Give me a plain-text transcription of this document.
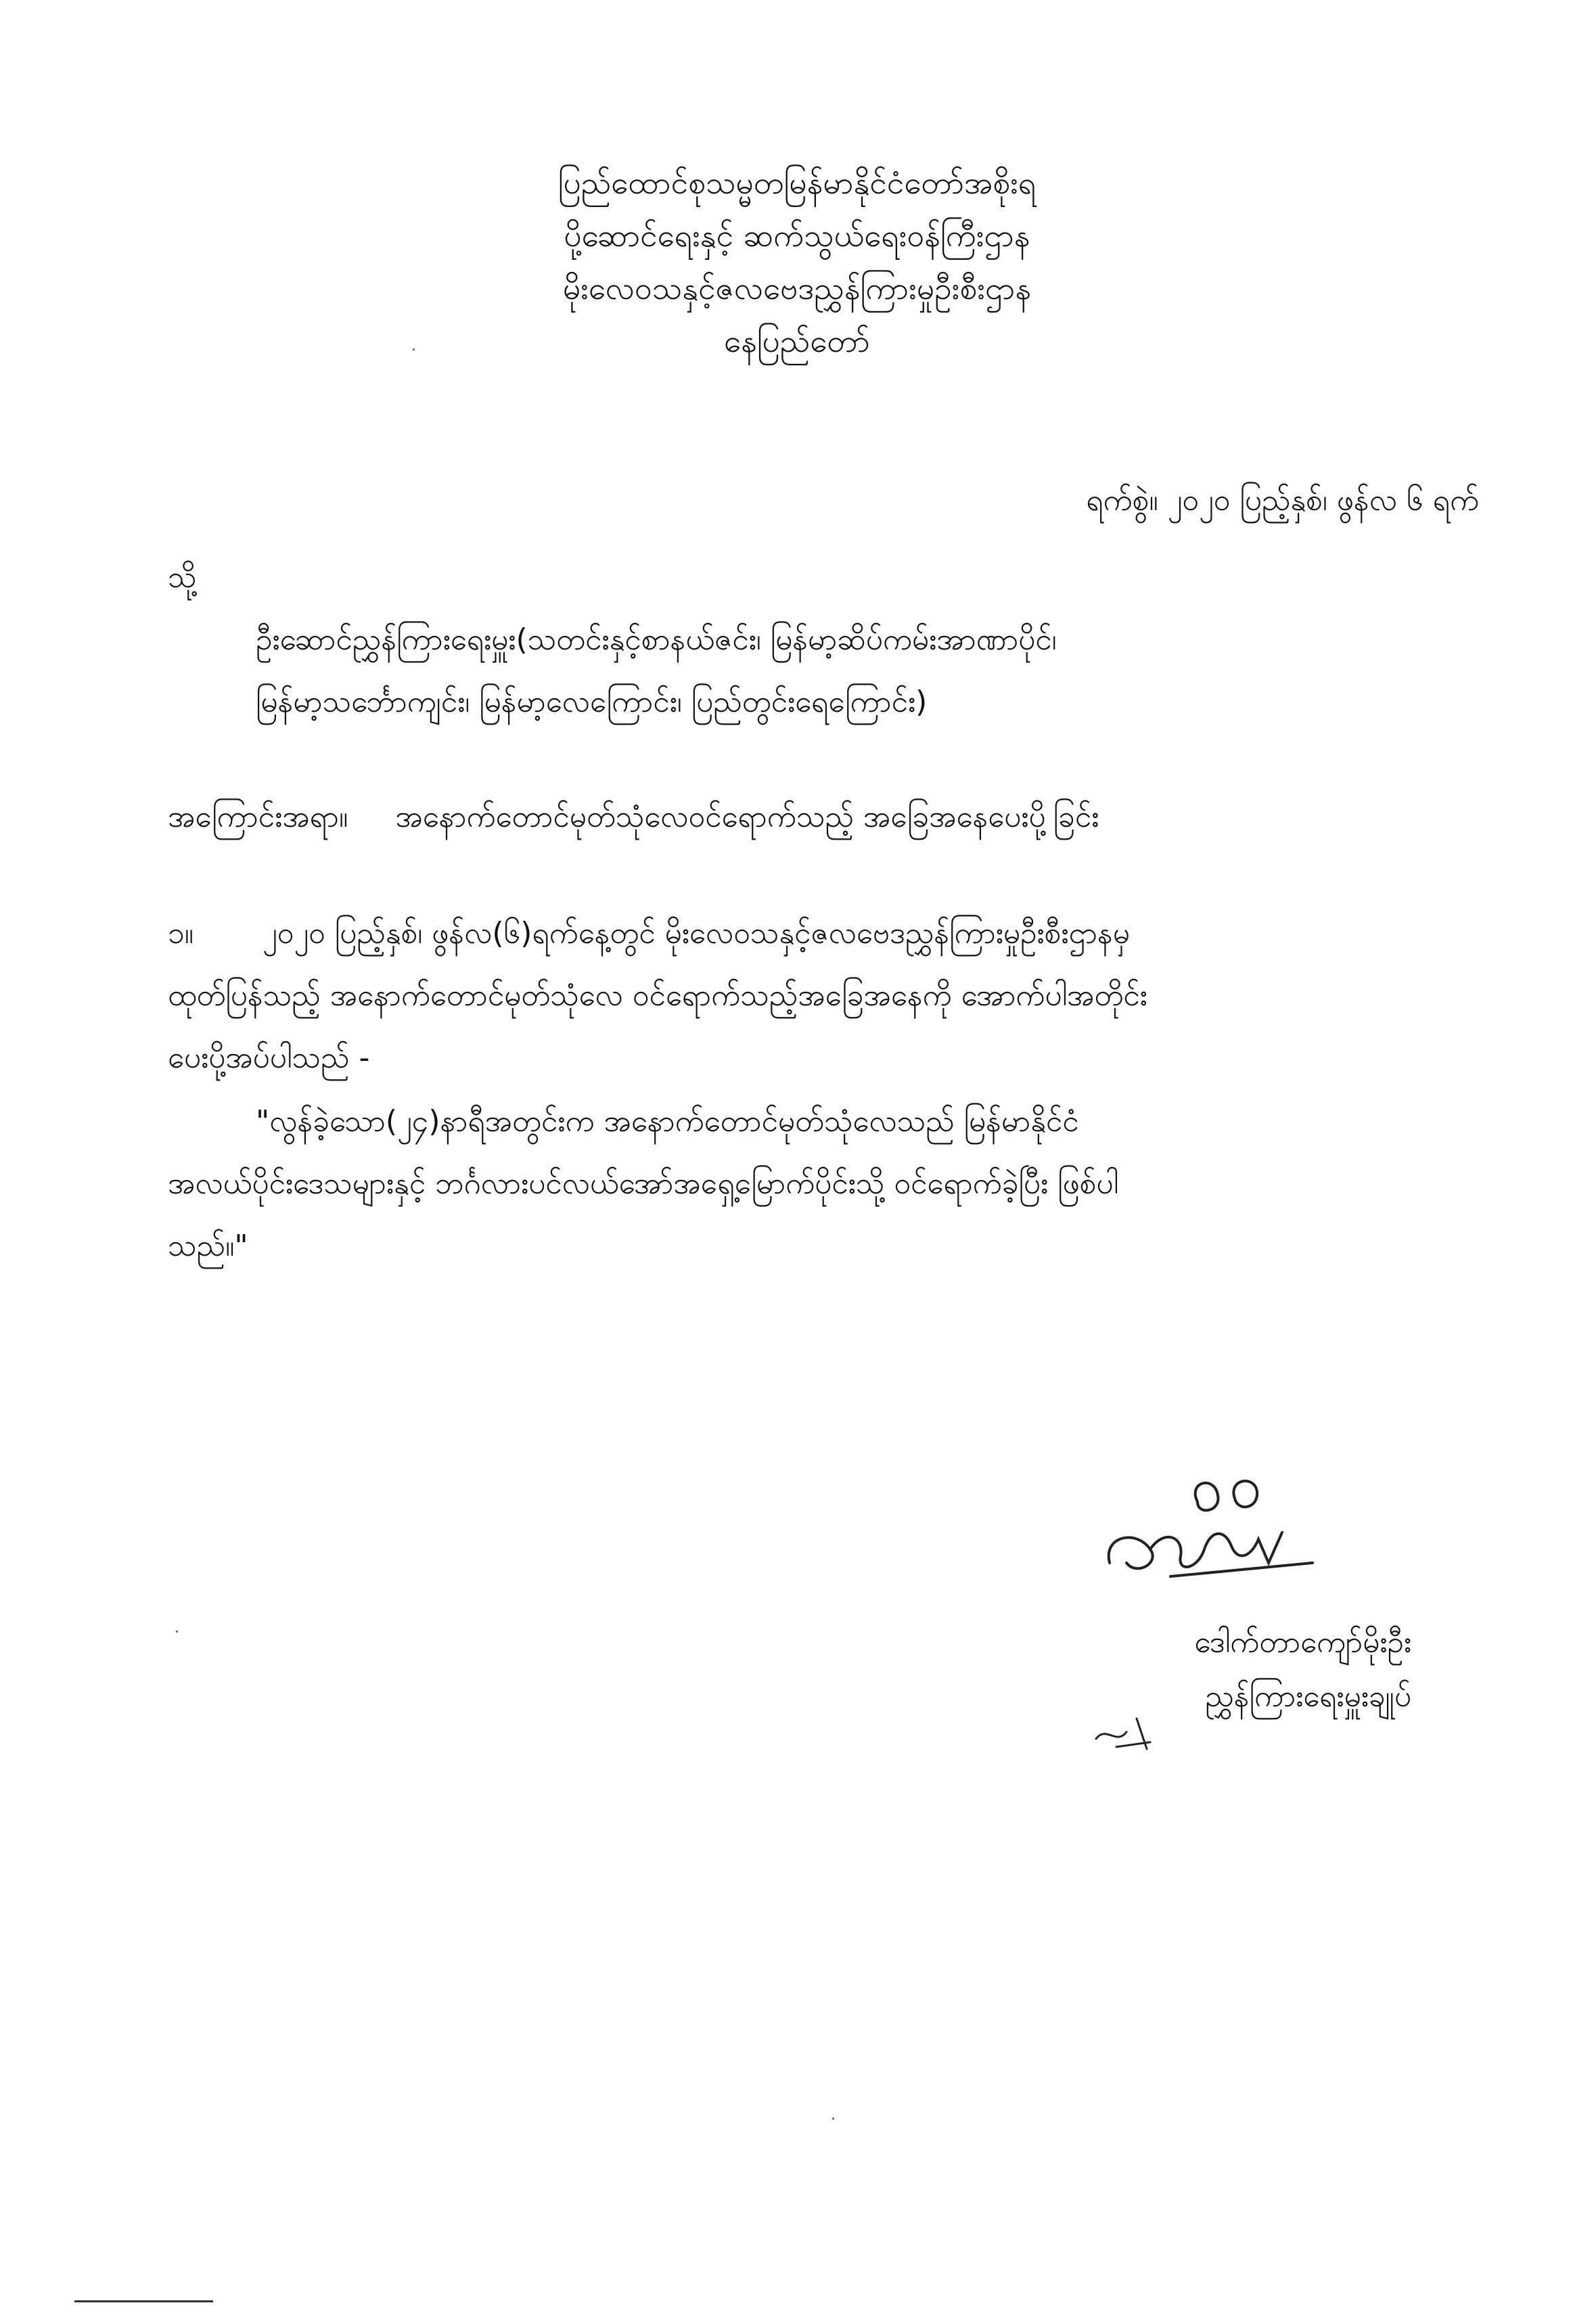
ပြည်ထောင်စုသမ္မတမြန်မာနိုင်ငံတော်အစိုးရ
ပို့ဆောင်ရေးနှင့် ဆက်သွယ်ရေးဝန်ကြီးဌာန
မိုးလေဝသနှင့်ဇလဗေဒညွှန်ကြားမှုဦးစီးဌာန
နေပြည်တော်
ရက်စွဲ။ ၂၀၂၀ ပြည့်နှစ်၊ ဖွန်လ ၆ ရက်
သို့
ဦးဆောင်ညွှန်ကြားရေးမှူး(သတင်းနှင့်စာနယ်ဇင်း၊ မြန်မာ့ဆိပ်ကမ်းအာဏာပိုင်၊
မြန်မာ့သင်္ဘောကျင်း၊ မြန်မာ့လေကြောင်း၊ ပြည်တွင်းရေကြောင်း)
အကြောင်းအရာ။ အနောက်တောင်မုတ်သုံလေဝင်ရောက်သည့် အခြေအနေပေးပို့ခြင်း
၁။ ၂၀၂၀ ပြည့်နှစ်၊ ဖွန်လ(၆)ရက်နေ့တွင် မိုးလေဝသနှင့်ဇလဗေဒညွှန်ကြားမှုဦးစီးဌာနမှ
ထုတ်ပြန်သည့် အနောက်တောင်မုတ်သုံလေ ဝင်ရောက်သည့်အခြေအနေကို အောက်ပါအတိုင်း
ပေးပို့အပ်ပါသည် -
"လွန်ခဲ့သော(၂၄)နာရီအတွင်းက အနောက်တောင်မုတ်သုံလေသည် မြန်မာနိုင်ငံ
အလယ်ပိုင်းဒေသများနှင့် ဘင်္ဂလားပင်လယ်အော်အရှေ့မြောက်ပိုင်းသို့ ဝင်ရောက်ခဲ့ပြီး ဖြစ်ပါ
သည်။"
ဒေါက်တာကျော်မိုးဦး
ညွှန်ကြားရေးမှူးချုပ်
